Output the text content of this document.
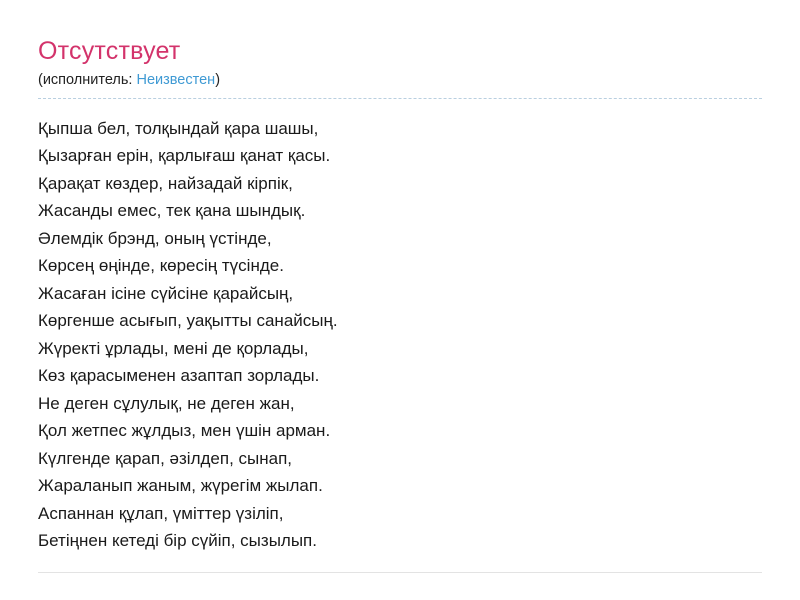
Отсутствует
(исполнитель: Неизвестен)
Қыпша бел, толқындай қара шашы,
Қызарған ерін, қарлығаш қанат қасы.
Қарақат көздер, найзадай кірпік,
Жасанды емес, тек қана шындық.
Әлемдік брэнд, оның үстінде,
Көрсең өңінде, көресің түсінде.
Жасаған ісіне сүйсіне қарайсың,
Көргенше асығып, уақытты санайсың.
Жүректі ұрлады, мені де қорлады,
Көз қарасыменен азаптап зорлады.
Не деген сұлулық, не деген жан,
Қол жетпес жұлдыз, мен үшін арман.
Күлгенде қарап, әзілдеп, сынап,
Жараланып жаным, жүрегім жылап.
Аспаннан құлап, үміттер үзіліп,
Бетіңнен кетеді бір сүйіп, сызылып.
